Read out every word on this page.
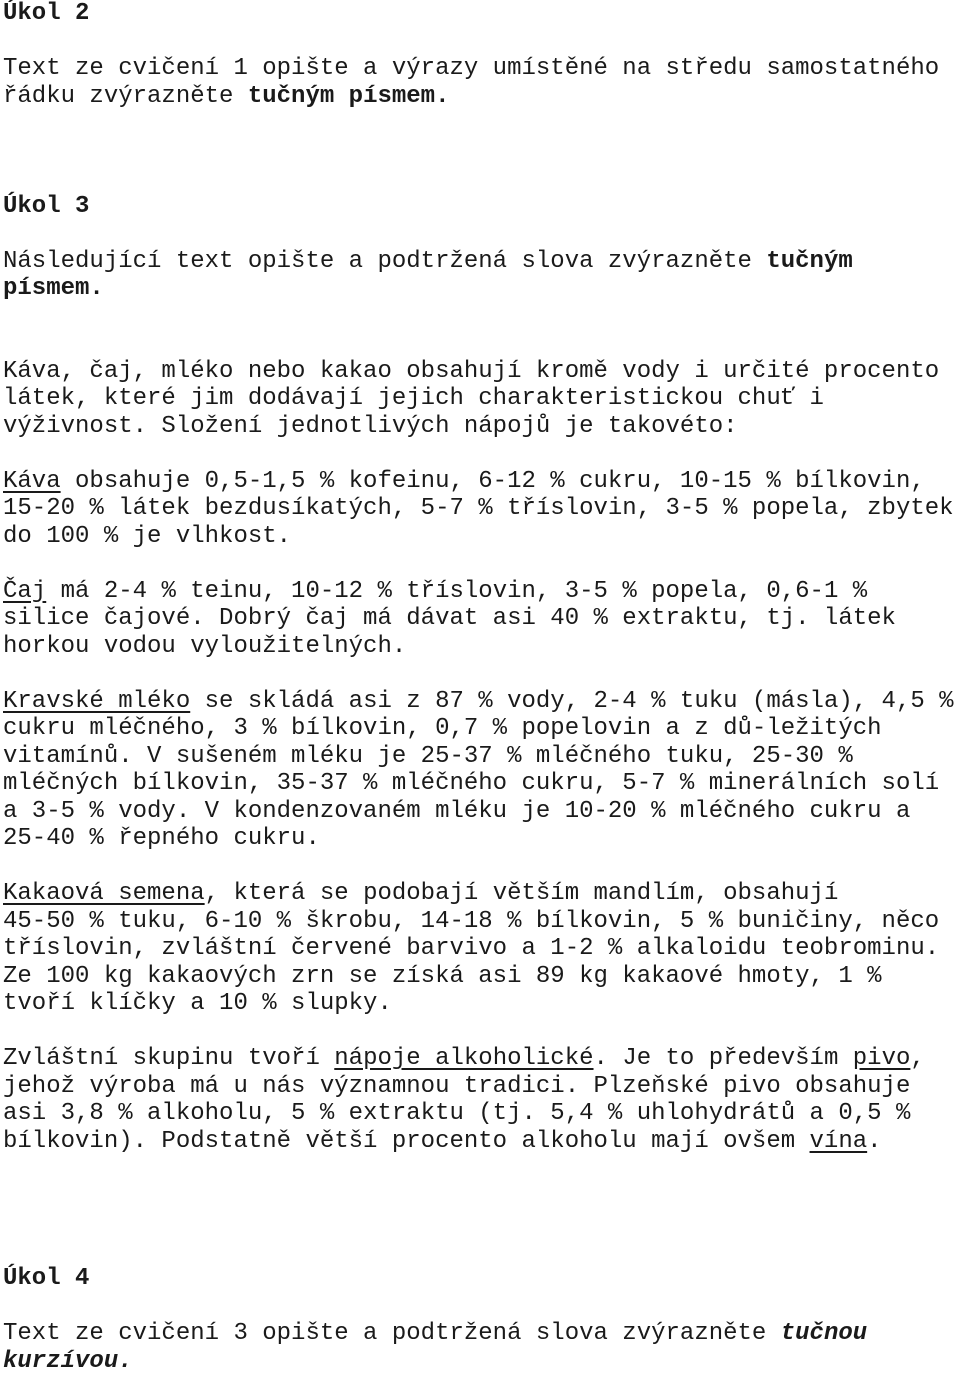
Úkol 2
Text ze cvičení 1 opište a výrazy umístěné na středu samostatného
řádku zvýrazněte tučným písmem.
Úkol 3
Následující text opište a podtržená slova zvýrazněte tučným
písmem.
Káva, čaj, mléko nebo kakao obsahují kromě vody i určité procento
látek, které jim dodávají jejich charakteristickou chuť i
výživnost. Složení jednotlivých nápojů je takovéto:
Káva obsahuje 0,5-1,5 % kofeinu, 6-12 % cukru, 10-15 % bílkovin,
15-20 % látek bezdusíkatých, 5-7 % tříslovin, 3-5 % popela, zbytek
do 100 % je vlhkost.
Čaj má 2-4 % teinu, 10-12 % tříslovin, 3-5 % popela, 0,6-1 %
silice čajové. Dobrý čaj má dávat asi 40 % extraktu, tj. látek
horkou vodou vyloužitelných.
Kravské mléko se skládá asi z 87 % vody, 2-4 % tuku (másla), 4,5 %
cukru mléčného, 3 % bílkovin, 0,7 % popelovin a z dů-ležitých
vitamínů. V sušeném mléku je 25-37 % mléčného tuku, 25-30 %
mléčných bílkovin, 35-37 % mléčného cukru, 5-7 % minerálních solí
a 3-5 % vody. V kondenzovaném mléku je 10-20 % mléčného cukru a
25-40 % řepného cukru.
Kakaová semena, která se podobají větším mandlím, obsahují
45-50 % tuku, 6-10 % škrobu, 14-18 % bílkovin, 5 % buničiny, něco
tříslovin, zvláštní červené barvivo a 1-2 % alkaloidu teobrominu.
Ze 100 kg kakaových zrn se získá asi 89 kg kakaové hmoty, 1 %
tvoří klíčky a 10 % slupky.
Zvláštní skupinu tvoří nápoje alkoholické. Je to především pivo,
jehož výroba má u nás významnou tradici. Plzeňské pivo obsahuje
asi 3,8 % alkoholu, 5 % extraktu (tj. 5,4 % uhlohydrátů a 0,5 %
bílkovin). Podstatně větší procento alkoholu mají ovšem vína.
Úkol 4
Text ze cvičení 3 opište a podtržená slova zvýrazněte tučnou
kurzívou.
